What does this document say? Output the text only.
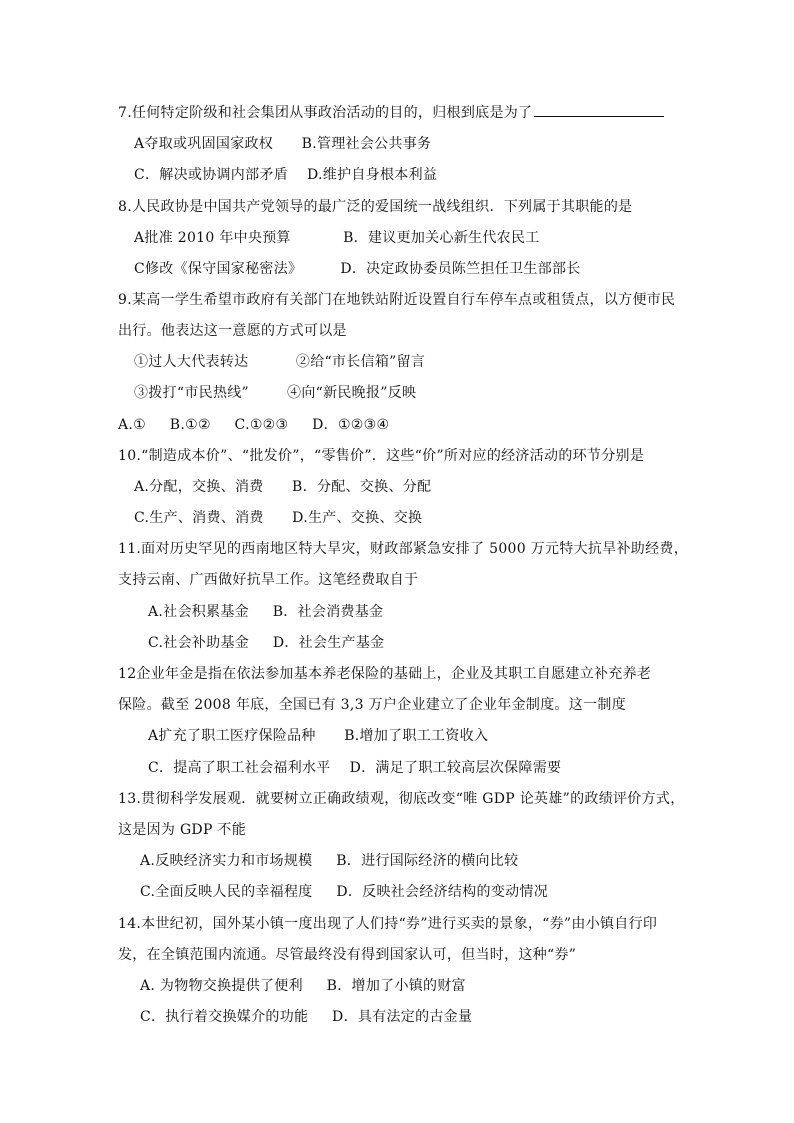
7.任何特定阶级和社会集团从事政治活动的目的，归根到底是为了
A夺取或巩固国家政权      B.管理社会公共事务
C．解决或协调内部矛盾    D.维护自身根本利益
8.人民政协是中国共产党领导的最广泛的爱国统一战线组织．下列属于其职能的是
A批准 2010 年中央预算           B．建议更加关心新生代农民工
C修改《保守国家秘密法》        D．决定政协委员陈竺担任卫生部部长
9.某高一学生希望市政府有关部门在地铁站附近设置自行车停车点或租赁点，以方便市民
出行。他表达这一意愿的方式可以是
①过人大代表转达          ②给“市长信箱”留言
③拨打“市民热线”        ④向“新民晚报”反映
A.①     B.①②     C.①②③     D．①②③④
10.“制造成本价”、“批发价”，“零售价”．这些“价”所对应的经济活动的环节分别是
A.分配，交换、消费      B．分配、交换、分配
C.生产、消费、消费      D.生产、交换、交换
11.面对历史罕见的西南地区特大旱灾，财政部紧急安排了 5000 万元特大抗旱补助经费，
支持云南、广西做好抗旱工作。这笔经费取自于
A.社会积累基金     B．社会消费基金
C.社会补助基金     D．社会生产基金
12企业年金是指在依法参加基本养老保险的基础上，企业及其职工自愿建立补充养老
保险。截至 2008 年底，全国已有 3,3 万户企业建立了企业年金制度。这一制度
A扩充了职工医疗保险品种      B.增加了职工工资收入
C．提高了职工社会福利水平    D．满足了职工较高层次保障需要
13.贯彻科学发展观．就要树立正确政绩观，彻底改变“唯 GDP 论英雄”的政绩评价方式，
这是因为 GDP 不能
A.反映经济实力和市场规模     B．进行国际经济的横向比较
C.全面反映人民的幸福程度     D．反映社会经济结构的变动情况
14.本世纪初，国外某小镇一度出现了人们持“券”进行买卖的景象，“券”由小镇自行印
发，在全镇范围内流通。尽管最终没有得到国家认可，但当时，这种“券”
A. 为物物交换提供了便利     B．增加了小镇的财富
C．执行着交换媒介的功能     D．具有法定的古金量
